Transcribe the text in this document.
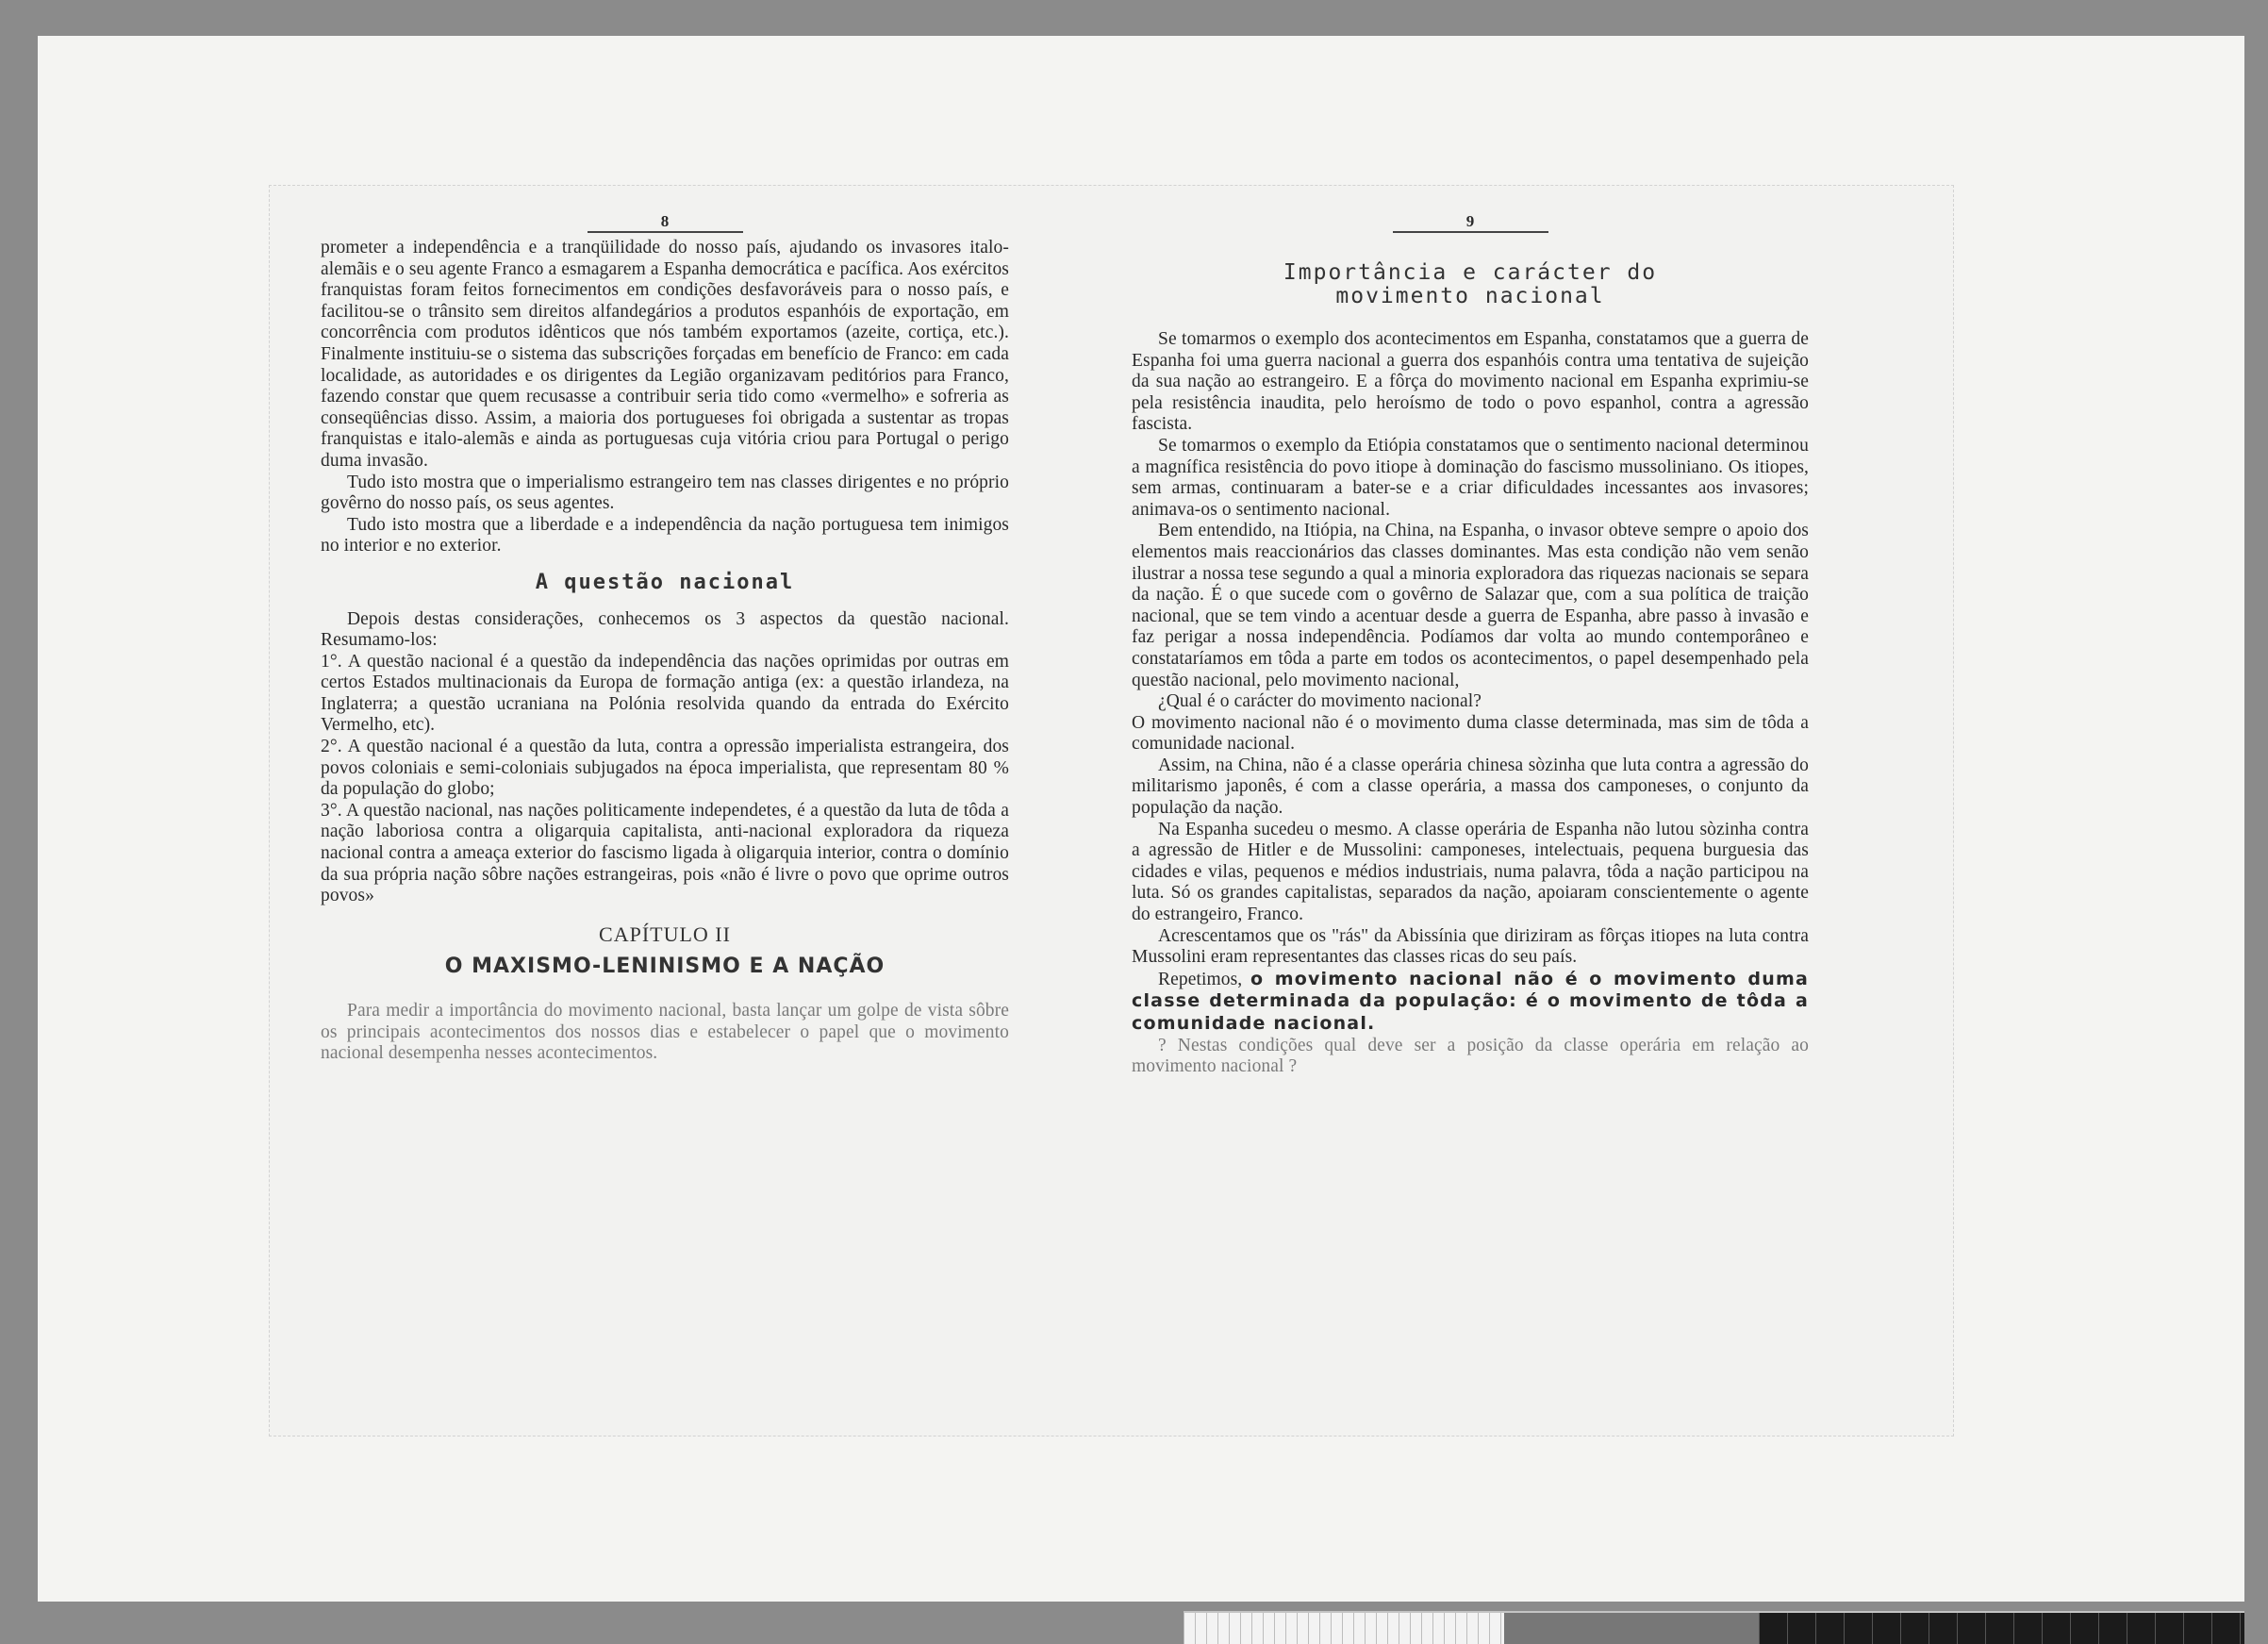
8

prometer a independência e a tranqüilidade do nosso país, ajudando os invasores italo-alemãis e o seu agente Franco a esmagarem a Espanha democrática e pacífica. Aos exércitos franquistas foram feitos fornecimentos em condições desfavoráveis para o nosso país, e facilitou-se o trânsito sem direitos alfandegários a produtos espanhóis de exportação, em concorrência com produtos idênticos que nós também exportamos (azeite, cortiça, etc.). Finalmente instituiu-se o sistema das subscrições forçadas em benefício de Franco: em cada localidade, as autoridades e os dirigentes da Legião organizavam peditórios para Franco, fazendo constar que quem recusasse a contribuir seria tido como «vermelho» e sofreria as conseqüências disso. Assim, a maioria dos portugueses foi obrigada a sustentar as tropas franquistas e italo-alemãs e ainda as portuguesas cuja vitória criou para Portugal o perigo duma invasão.

Tudo isto mostra que o imperialismo estrangeiro tem nas classes dirigentes e no próprio govêrno do nosso país, os seus agentes.

Tudo isto mostra que a liberdade e a independência da nação portuguesa tem inimigos no interior e no exterior.

A questão nacional

Depois destas considerações, conhecemos os 3 aspectos da questão nacional. Resumamo-los:

1°. A questão nacional é a questão da independência das nações oprimidas por outras em certos Estados multinacionais da Europa de formação antiga (ex: a questão irlandeza, na Inglaterra; a questão ucraniana na Polónia resolvida quando da entrada do Exército Vermelho, etc).

2°. A questão nacional é a questão da luta, contra a opressão imperialista estrangeira, dos povos coloniais e semi-coloniais subjugados na época imperialista, que representam 80 % da população do globo;

3°. A questão nacional, nas nações politicamente independetes, é a questão da luta de tôda a nação laboriosa contra a oligarquia capitalista, anti-nacional exploradora da riqueza nacional contra a ameaça exterior do fascismo ligada à oligarquia interior, contra o domínio da sua própria nação sôbre nações estrangeiras, pois «não é livre o povo que oprime outros povos»

CAPÍTULO II
O MAXISMO-LENINISMO E A NAÇÃO

Para medir a importância do movimento nacional, basta lançar um golpe de vista sôbre os principais acontecimentos dos nossos dias e estabelecer o papel que o movimento nacional desempenha nesses acontecimentos.

9
Importância e carácter do
movimento nacional

Se tomarmos o exemplo dos acontecimentos em Espanha, constatamos que a guerra de Espanha foi uma guerra nacional a guerra dos espanhóis contra uma tentativa de sujeição da sua nação ao estrangeiro. E a fôrça do movimento nacional em Espanha exprimiu-se pela resistência inaudita, pelo heroísmo de todo o povo espanhol, contra a agressão fascista.

Se tomarmos o exemplo da Etiópia constatamos que o sentimento nacional determinou a magnífica resistência do povo itiope à dominação do fascismo mussoliniano. Os itiopes, sem armas, continuaram a bater-se e a criar dificuldades incessantes aos invasores; animava-os o sentimento nacional.

Bem entendido, na Itiópia, na China, na Espanha, o invasor obteve sempre o apoio dos elementos mais reaccionários das classes dominantes. Mas esta condição não vem senão ilustrar a nossa tese segundo a qual a minoria exploradora das riquezas nacionais se separa da nação. É o que sucede com o govêrno de Salazar que, com a sua política de traição nacional, que se tem vindo a acentuar desde a guerra de Espanha, abre passo à invasão e faz perigar a nossa independência. Podíamos dar volta ao mundo contemporâneo e constataríamos em tôda a parte em todos os acontecimentos, o papel desempenhado pela questão nacional, pelo movimento nacional,

¿Qual é o carácter do movimento nacional?

O movimento nacional não é o movimento duma classe determinada, mas sim de tôda a comunidade nacional.

Assim, na China, não é a classe operária chinesa sòzinha que luta contra a agressão do militarismo japonês, é com a classe operária, a massa dos camponeses, o conjunto da população da nação.

Na Espanha sucedeu o mesmo. A classe operária de Espanha não lutou sòzinha contra a agressão de Hitler e de Mussolini: camponeses, intelectuais, pequena burguesia das cidades e vilas, pequenos e médios industriais, numa palavra, tôda a nação participou na luta. Só os grandes capitalistas, separados da nação, apoiaram conscientemente o agente do estrangeiro, Franco.

Acrescentamos que os "rás" da Abissínia que diriziram as fôrças itiopes na luta contra Mussolini eram representantes das classes ricas do seu país.

Repetimos, o movimento nacional não é o movimento duma classe determinada da população: é o movimento de tôda a comunidade nacional.

? Nestas condições qual deve ser a posição da classe operária em relação ao movimento nacional ?
